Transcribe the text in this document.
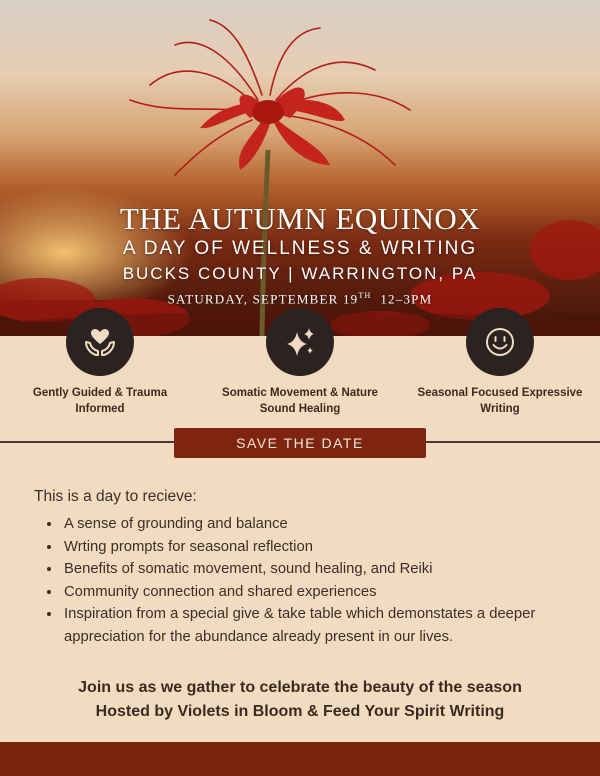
THE AUTUMN EQUINOX
A DAY OF WELLNESS & WRITING
BUCKS COUNTY | WARRINGTON, PA
SATURDAY, SEPTEMBER 19TH 12–3PM
Gently Guided & Trauma Informed
Somatic Movement & Nature Sound Healing
Seasonal Focused Expressive Writing
SAVE THE DATE
This is a day to recieve:
• A sense of grounding and balance
• Wrting prompts for seasonal reflection
• Benefits of somatic movement, sound healing, and Reiki
• Community connection and shared experiences
• Inspiration from a special give & take table which demonstates a deeper appreciation for the abundance already present in our lives.
Join us as we gather to celebrate the beauty of the season
Hosted by Violets in Bloom & Feed Your Spirit Writing
